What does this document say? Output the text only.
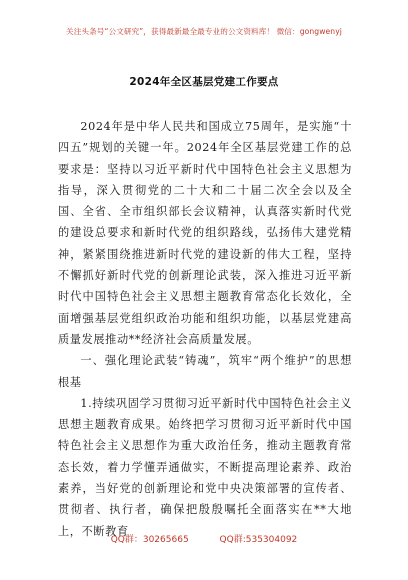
关注头条号“公文研究”，获得最新最全最专业的公文资料库！ 微信：gongwenyj
2024年全区基层党建工作要点

2024年是中华人民共和国成立75周年，是实施“十四五”规划的关键一年。2024年全区基层党建工作的总要求是：坚持以习近平新时代中国特色社会主义思想为指导，深入贯彻党的二十大和二十届二次全会以及全国、全省、全市组织部长会议精神，认真落实新时代党的建设总要求和新时代党的组织路线，弘扬伟大建党精神，紧紧围绕推进新时代党的建设新的伟大工程，坚持不懈抓好新时代党的创新理论武装，深入推进习近平新时代中国特色社会主义思想主题教育常态化长效化，全面增强基层党组织政治功能和组织功能，以基层党建高质量发展推动**经济社会高质量发展。

一、强化理论武装“铸魂”，筑牢“两个维护”的思想根基

1.持续巩固学习贯彻习近平新时代中国特色社会主义思想主题教育成果。始终把学习贯彻习近平新时代中国特色社会主义思想作为重大政治任务，推动主题教育常态长效，着力学懂弄通做实，不断提高理论素养、政治素养，当好党的创新理论和党中央决策部署的宣传者、贯彻者、执行者，确保把殷殷嘱托全面落实在**大地上，不断教育

QQ群：30265665	QQ群:535304092
